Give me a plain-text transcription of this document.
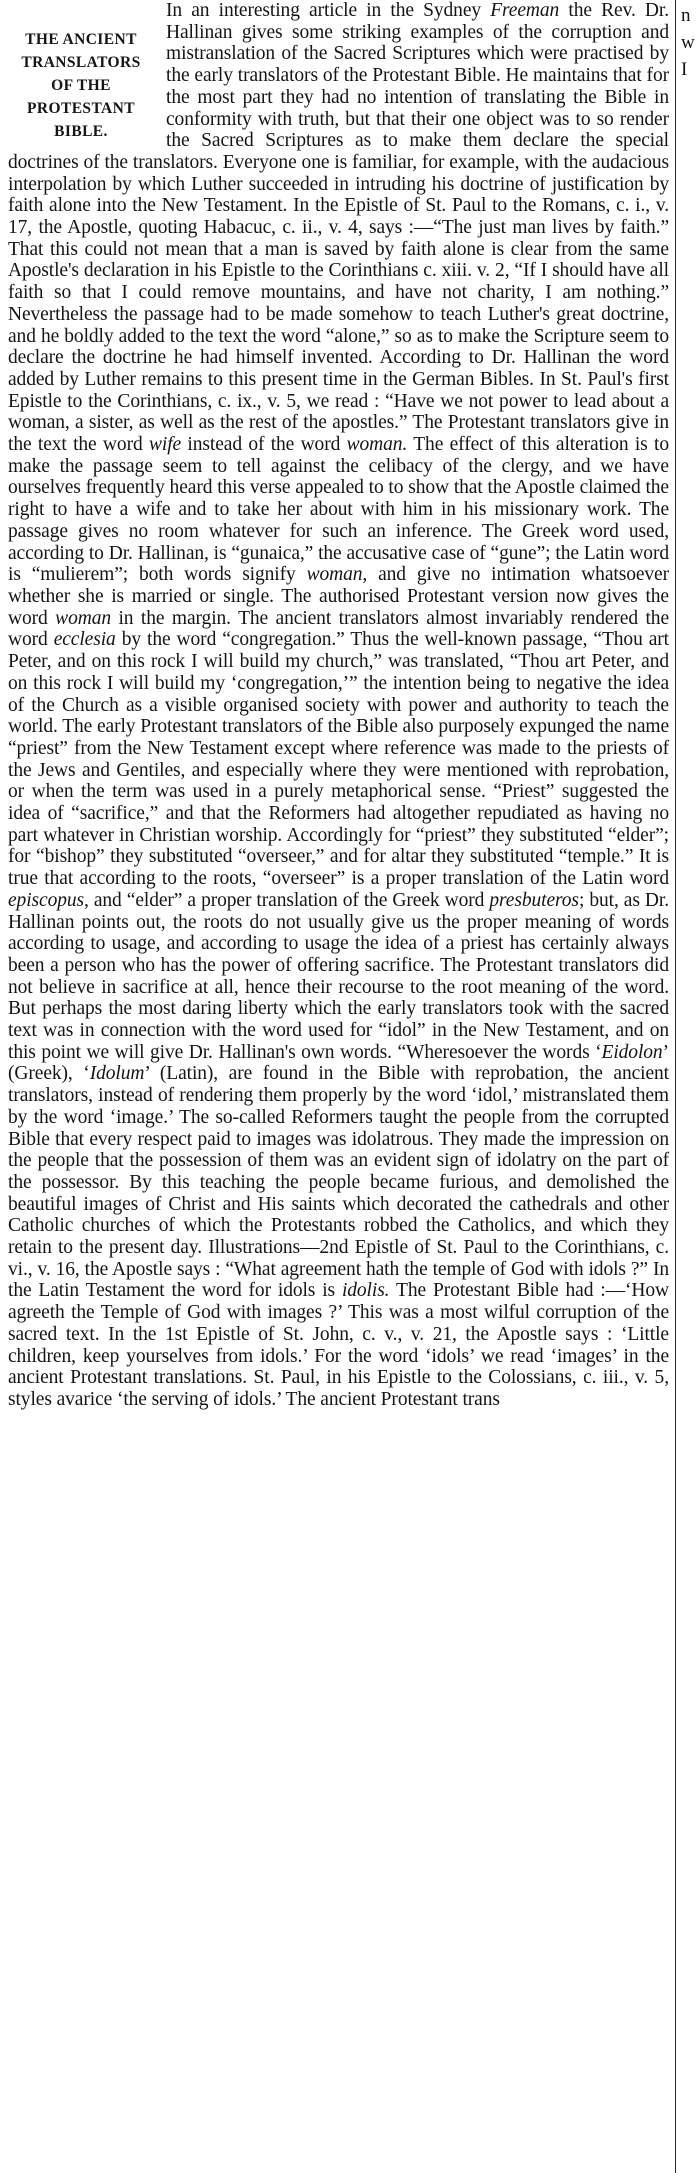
n
w
I
THE ANCIENT
TRANSLATORS
OF THE
PROTESTANT
BIBLE.

In an interesting article in the Sydney Freeman the Rev. Dr. Hallinan gives some striking examples of the corruption and mistranslation of the Sacred Scriptures which were practised by the early translators of the Protestant Bible. He maintains that for the most part they had no intention of translating the Bible in conformity with truth, but that their one object was to so render the Sacred Scriptures as to make them declare the special doctrines of the translators. Everyone one is familiar, for example, with the audacious interpolation by which Luther succeeded in intruding his doctrine of justification by faith alone into the New Testament. In the Epistle of St. Paul to the Romans, c. i., v. 17, the Apostle, quoting Habacuc, c. ii., v. 4, says :—“The just man lives by faith.” That this could not mean that a man is saved by faith alone is clear from the same Apostle's declaration in his Epistle to the Corinthians c. xiii. v. 2, “If I should have all faith so that I could remove mountains, and have not charity, I am nothing.” Nevertheless the passage had to be made somehow to teach Luther's great doctrine, and he boldly added to the text the word “alone,” so as to make the Scripture seem to declare the doctrine he had himself invented. According to Dr. Hallinan the word added by Luther remains to this present time in the German Bibles. In St. Paul's first Epistle to the Corinthians, c. ix., v. 5, we read : “Have we not power to lead about a woman, a sister, as well as the rest of the apostles.” The Protestant translators give in the text the word wife instead of the word woman. The effect of this alteration is to make the passage seem to tell against the celibacy of the clergy, and we have ourselves frequently heard this verse appealed to to show that the Apostle claimed the right to have a wife and to take her about with him in his missionary work. The passage gives no room whatever for such an inference. The Greek word used, according to Dr. Hallinan, is “gunaica,” the accusative case of “gune”; the Latin word is “mulierem”; both words signify woman, and give no intimation whatsoever whether she is married or single. The authorised Protestant version now gives the word woman in the margin. The ancient translators almost invariably rendered the word ecclesia by the word “congregation.” Thus the well-known passage, “Thou art Peter, and on this rock I will build my church,” was translated, “Thou art Peter, and on this rock I will build my ‘congregation,’” the intention being to negative the idea of the Church as a visible organised society with power and authority to teach the world. The early Protestant translators of the Bible also purposely expunged the name “priest” from the New Testament except where reference was made to the priests of the Jews and Gentiles, and especially where they were mentioned with reprobation, or when the term was used in a purely metaphorical sense. “Priest” suggested the idea of “sacrifice,” and that the Reformers had altogether repudiated as having no part whatever in Christian worship. Accordingly for “priest” they substituted “elder”; for “bishop” they substituted “overseer,” and for altar they substituted “temple.” It is true that according to the roots, “overseer” is a proper translation of the Latin word episcopus, and “elder” a proper translation of the Greek word presbuteros; but, as Dr. Hallinan points out, the roots do not usually give us the proper meaning of words according to usage, and according to usage the idea of a priest has certainly always been a person who has the power of offering sacrifice. The Protestant translators did not believe in sacrifice at all, hence their recourse to the root meaning of the word. But perhaps the most daring liberty which the early translators took with the sacred text was in connection with the word used for “idol” in the New Testament, and on this point we will give Dr. Hallinan's own words. “Wheresoever the words ‘Eidolon’ (Greek), ‘Idolum’ (Latin), are found in the Bible with reprobation, the ancient translators, instead of rendering them properly by the word ‘idol,’ mistranslated them by the word ‘image.’ The so-called Reformers taught the people from the corrupted Bible that every respect paid to images was idolatrous. They made the impression on the people that the possession of them was an evident sign of idolatry on the part of the possessor. By this teaching the people became furious, and demolished the beautiful images of Christ and His saints which decorated the cathedrals and other Catholic churches of which the Protestants robbed the Catholics, and which they retain to the present day. Illustrations—2nd Epistle of St. Paul to the Corinthians, c. vi., v. 16, the Apostle says : “What agreement hath the temple of God with idols ?” In the Latin Testament the word for idols is idolis. The Protestant Bible had :—‘How agreeth the Temple of God with images ?’ This was a most wilful corruption of the sacred text. In the 1st Epistle of St. John, c. v., v. 21, the Apostle says : ‘Little children, keep yourselves from idols.’ For the word ‘idols’ we read ‘images’ in the ancient Protestant translations. St. Paul, in his Epistle to the Colossians, c. iii., v. 5, styles avarice ‘the serving of idols.’ The ancient Protestant trans
